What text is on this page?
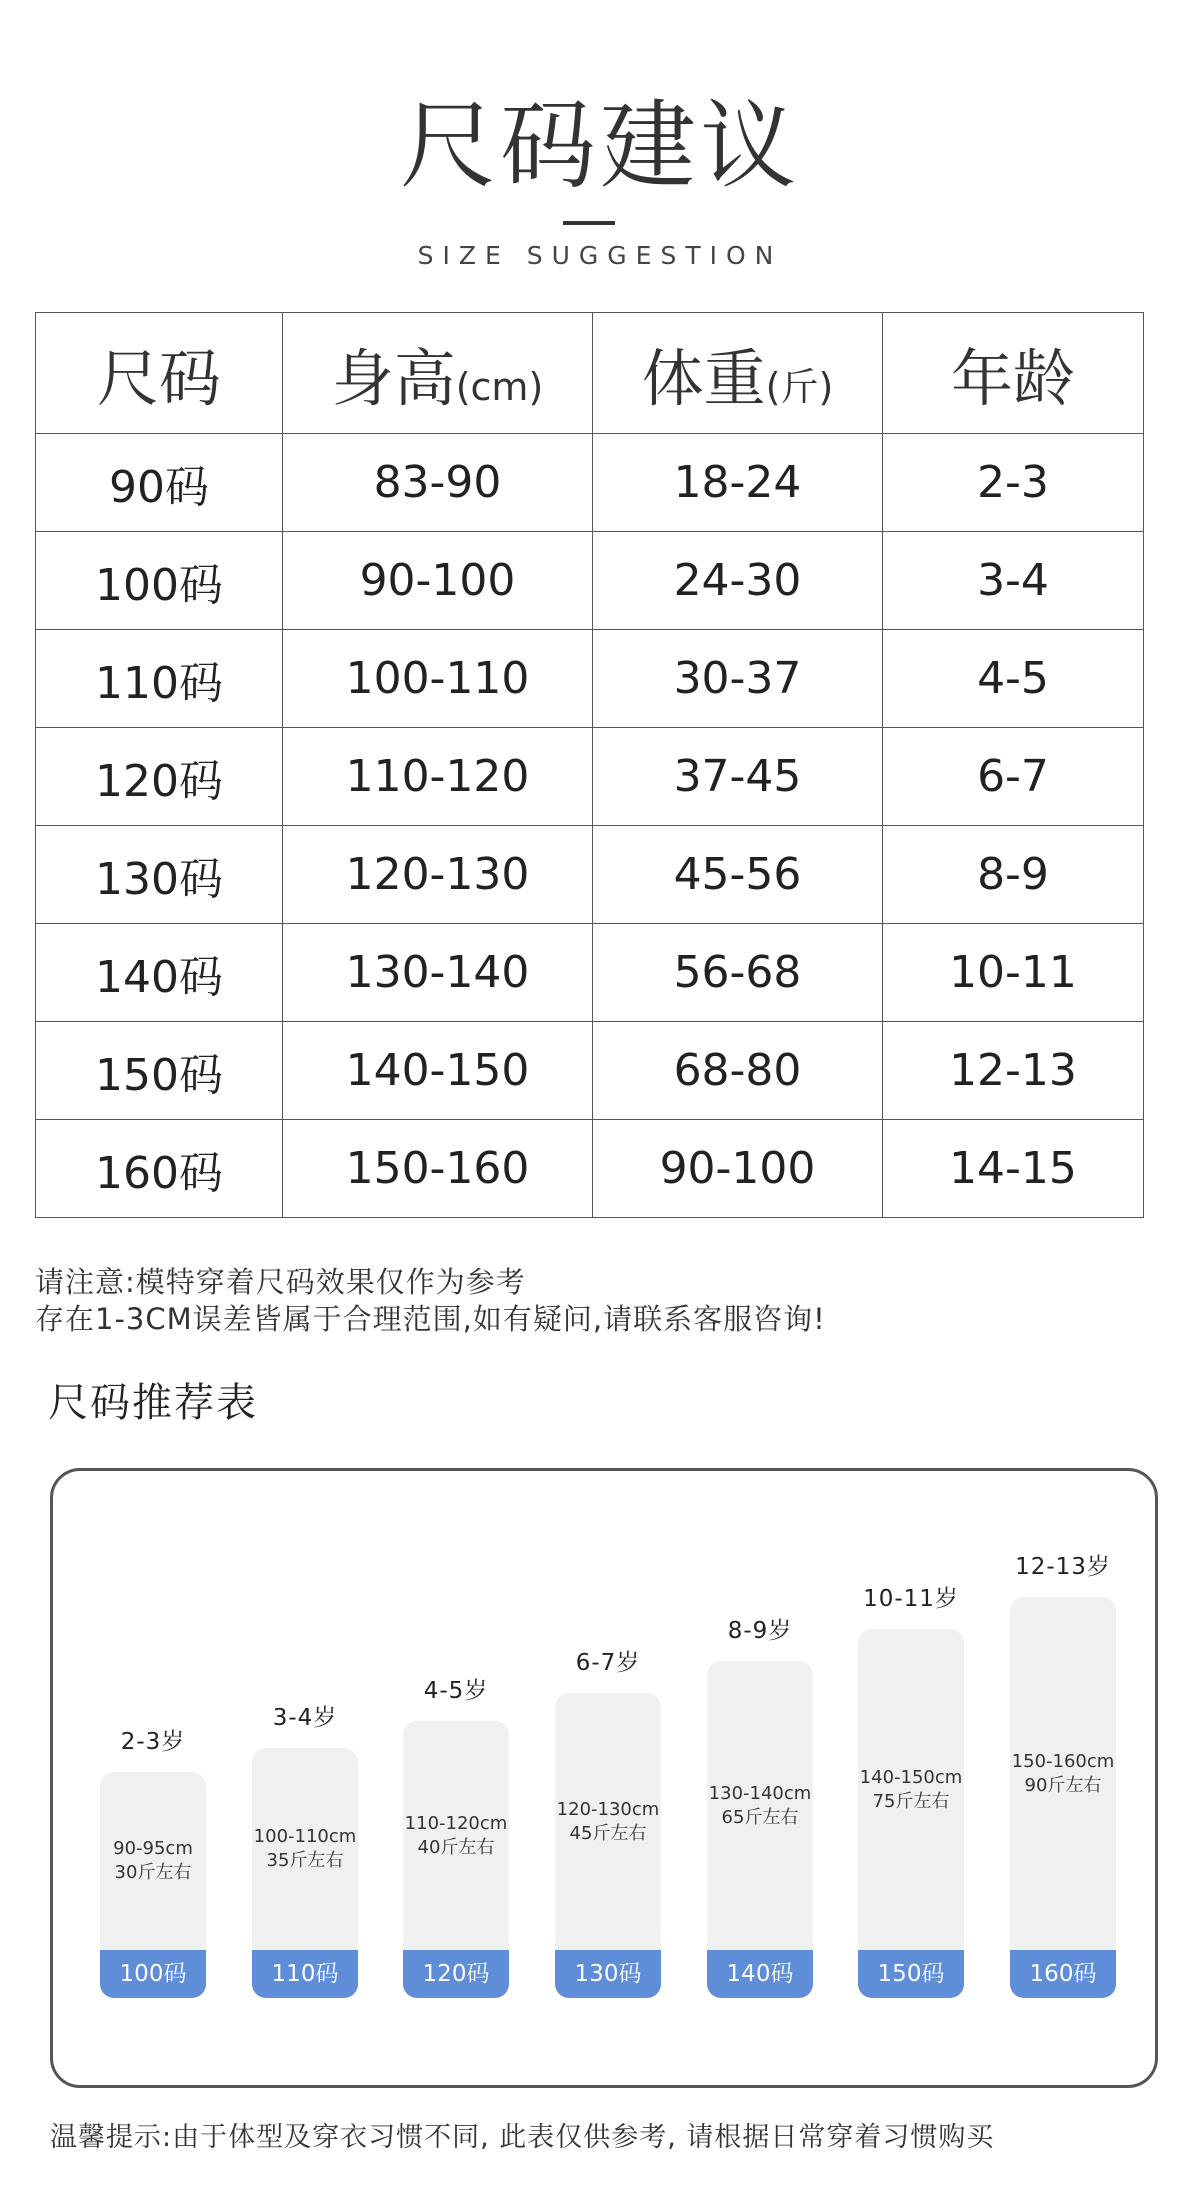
尺码建议
SIZE SUGGESTION
尺码	身高(cm)	体重(斤)	年龄
90码	83-90	18-24	2-3
100码	90-100	24-30	3-4
110码	100-110	30-37	4-5
120码	110-120	37-45	6-7
130码	120-130	45-56	8-9
140码	130-140	56-68	10-11
150码	140-150	68-80	12-13
160码	150-160	90-100	14-15
请注意:模特穿着尺码效果仅作为参考
存在1-3CM误差皆属于合理范围,如有疑问,请联系客服咨询!
尺码推荐表
2-3岁
90-95cm
30斤左右
100码
3-4岁
100-110cm
35斤左右
110码
4-5岁
110-120cm
40斤左右
120码
6-7岁
120-130cm
45斤左右
130码
8-9岁
130-140cm
65斤左右
140码
10-11岁
140-150cm
75斤左右
150码
12-13岁
150-160cm
90斤左右
160码
温馨提示:由于体型及穿衣习惯不同, 此表仅供参考, 请根据日常穿着习惯购买
